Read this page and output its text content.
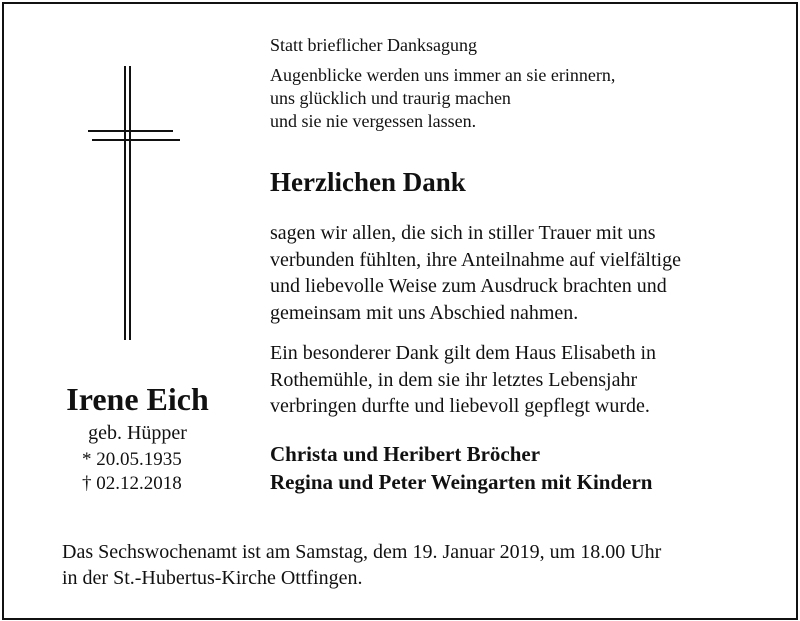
Statt brieflicher Danksagung
Augenblicke werden uns immer an sie erinnern,
uns glücklich und traurig machen
und sie nie vergessen lassen.
Herzlichen Dank
sagen wir allen, die sich in stiller Trauer mit uns
verbunden fühlten, ihre Anteilnahme auf vielfältige
und liebevolle Weise zum Ausdruck brachten und
gemeinsam mit uns Abschied nahmen.
Ein besonderer Dank gilt dem Haus Elisabeth in
Rothemühle, in dem sie ihr letztes Lebensjahr
verbringen durfte und liebevoll gepflegt wurde.
Christa und Heribert Bröcher
Regina und Peter Weingarten mit Kindern
Irene Eich
geb. Hüpper
* 20.05.1935
† 02.12.2018
Das Sechswochenamt ist am Samstag, dem 19. Januar 2019, um 18.00 Uhr
in der St.-Hubertus-Kirche Ottfingen.
